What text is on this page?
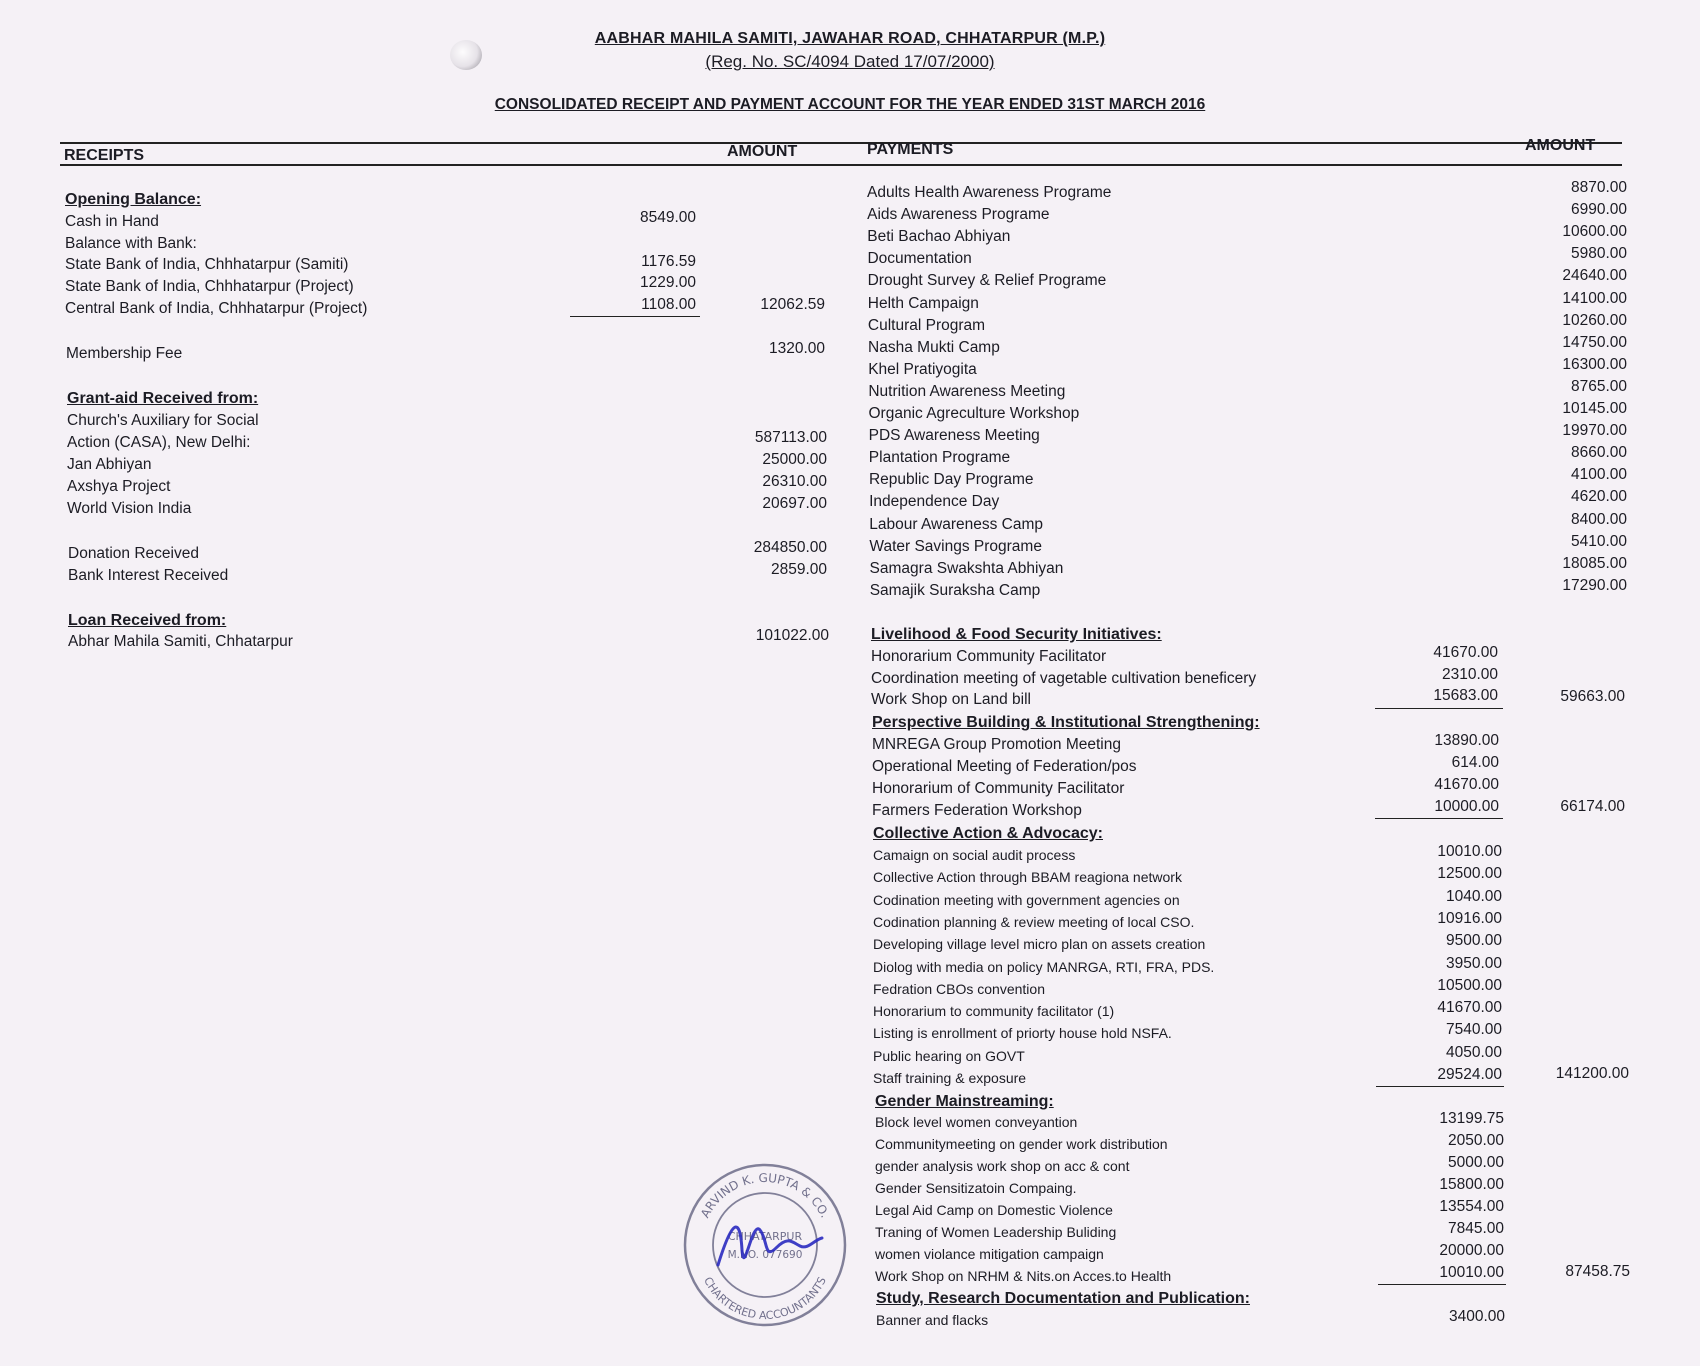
AABHAR MAHILA SAMITI, JAWAHAR ROAD, CHHATARPUR (M.P.)
(Reg. No. SC/4094 Dated 17/07/2000)
CONSOLIDATED RECEIPT AND PAYMENT ACCOUNT FOR THE YEAR ENDED 31ST MARCH 2016
RECEIPTS	AMOUNT	PAYMENTS	AMOUNT
Opening Balance:
Cash in Hand	8549.00
Balance with Bank:
State Bank of India, Chhhatarpur (Samiti)	1176.59
State Bank of India, Chhhatarpur (Project)	1229.00
Central Bank of India, Chhhatarpur (Project)	1108.00	12062.59
Membership Fee	1320.00
Grant-aid Received from:
Church's Auxiliary for Social
Action (CASA), New Delhi:	587113.00
Jan Abhiyan	25000.00
Axshya Project	26310.00
World Vision India	20697.00
Donation Received	284850.00
Bank Interest Received	2859.00
Loan Received from:
Abhar Mahila Samiti, Chhatarpur	101022.00
Adults Health Awareness Programe	8870.00
Aids Awareness Programe	6990.00
Beti Bachao Abhiyan	10600.00
Documentation	5980.00
Drought Survey & Relief Programe	24640.00
Helth Campaign	14100.00
Cultural Program	10260.00
Nasha Mukti Camp	14750.00
Khel Pratiyogita	16300.00
Nutrition Awareness Meeting	8765.00
Organic Agreculture Workshop	10145.00
PDS Awareness Meeting	19970.00
Plantation Programe	8660.00
Republic Day Programe	4100.00
Independence Day	4620.00
Labour Awareness Camp	8400.00
Water Savings Programe	5410.00
Samagra Swakshta Abhiyan	18085.00
Samajik Suraksha Camp	17290.00
Livelihood & Food Security Initiatives:
Honorarium Community Facilitator	41670.00
Coordination meeting of vagetable cultivation beneficery	2310.00
Work Shop on Land bill	15683.00	59663.00
Perspective Building & Institutional Strengthening:
MNREGA Group Promotion Meeting	13890.00
Operational Meeting of Federation/pos	614.00
Honorarium of Community Facilitator	41670.00
Farmers Federation Workshop	10000.00	66174.00
Collective Action & Advocacy:
Camaign on social audit process	10010.00
Collective Action through BBAM reagiona network	12500.00
Codination meeting with government agencies on	1040.00
Codination planning & review meeting of local CSO.	10916.00
Developing village level micro plan on assets creation	9500.00
Diolog with media on policy MANRGA, RTI, FRA, PDS.	3950.00
Fedration CBOs convention	10500.00
Honorarium to community facilitator (1)	41670.00
Listing is enrollment of priorty house hold NSFA.	7540.00
Public hearing on GOVT	4050.00
Staff training & exposure	29524.00	141200.00
Gender Mainstreaming:
Block level women conveyantion	13199.75
Communitymeeting on gender work distribution	2050.00
gender analysis work shop on acc & cont	5000.00
Gender Sensitizatoin Compaing.	15800.00
Legal Aid Camp on Domestic Violence	13554.00
Traning of Women Leadership Buliding	7845.00
women violance mitigation campaign	20000.00
Work Shop on NRHM & Nits.on Acces.to Health	10010.00	87458.75
Study, Research Documentation and Publication:
Banner and flacks	3400.00
ARVIND K. GUPTA & CO.
CHARTERED ACCOUNTANTS
CHHATARPUR
M.NO. 077690
